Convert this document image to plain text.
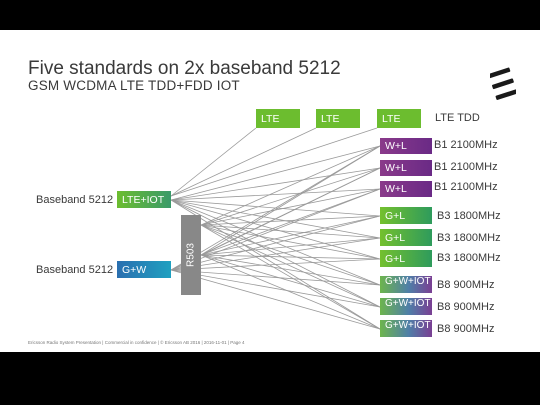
Five standards on 2x baseband 5212
GSM WCDMA LTE TDD+FDD IOT
LTE	LTE	LTE	LTE TDD
Baseband 5212 LTE+IOT
Baseband 5212 G+W
R503
W+L	B1 2100MHz
W+L	B1 2100MHz
W+L	B1 2100MHz
G+L	B3 1800MHz
G+L	B3 1800MHz
G+L	B3 1800MHz
G+W+IOT B8 900MHz
G+W+IOT B8 900MHz
G+W+IOT B8 900MHz
Ericsson Radio System Presentation | Commercial in confidence | © Ericsson AB 2016 | 2016-11-01 | Page 4
